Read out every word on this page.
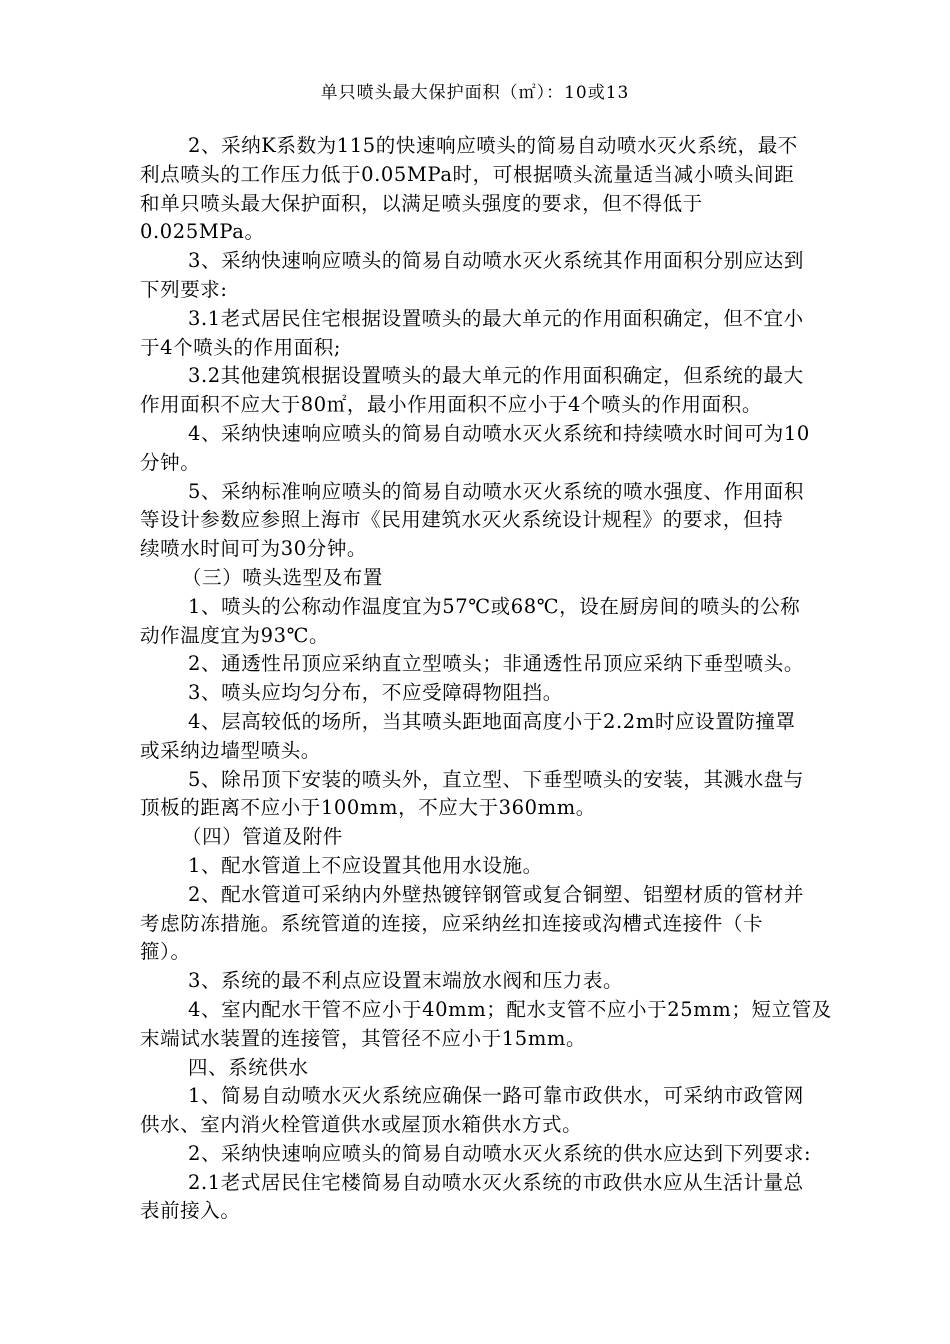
单只喷头最大保护面积（㎡）：10或13
2、采纳K系数为115的快速响应喷头的简易自动喷水灭火系统，最不
利点喷头的工作压力低于0.05MPa时，可根据喷头流量适当减小喷头间距
和单只喷头最大保护面积，以满足喷头强度的要求，但不得低于
0.025MPa。
3、采纳快速响应喷头的简易自动喷水灭火系统其作用面积分别应达到
下列要求:
3.1老式居民住宅根据设置喷头的最大单元的作用面积确定，但不宜小
于4个喷头的作用面积;
3.2其他建筑根据设置喷头的最大单元的作用面积确定，但系统的最大
作用面积不应大于80㎡，最小作用面积不应小于4个喷头的作用面积。
4、采纳快速响应喷头的简易自动喷水灭火系统和持续喷水时间可为10
分钟。
5、采纳标准响应喷头的简易自动喷水灭火系统的喷水强度、作用面积
等设计参数应参照上海市《民用建筑水灭火系统设计规程》的要求，但持
续喷水时间可为30分钟。
（三）喷头选型及布置
1、喷头的公称动作温度宜为57℃或68℃，设在厨房间的喷头的公称
动作温度宜为93℃。
2、通透性吊顶应采纳直立型喷头；非通透性吊顶应采纳下垂型喷头。
3、喷头应均匀分布，不应受障碍物阻挡。
4、层高较低的场所，当其喷头距地面高度小于2.2m时应设置防撞罩
或采纳边墙型喷头。
5、除吊顶下安装的喷头外，直立型、下垂型喷头的安装，其溅水盘与
顶板的距离不应小于100mm，不应大于360mm。
（四）管道及附件
1、配水管道上不应设置其他用水设施。
2、配水管道可采纳内外壁热镀锌钢管或复合铜塑、铝塑材质的管材并
考虑防冻措施。系统管道的连接，应采纳丝扣连接或沟槽式连接件（卡
箍）。
3、系统的最不利点应设置末端放水阀和压力表。
4、室内配水干管不应小于40mm；配水支管不应小于25mm；短立管及
末端试水装置的连接管，其管径不应小于15mm。
四、系统供水
1、简易自动喷水灭火系统应确保一路可靠市政供水，可采纳市政管网
供水、室内消火栓管道供水或屋顶水箱供水方式。
2、采纳快速响应喷头的简易自动喷水灭火系统的供水应达到下列要求:
2.1老式居民住宅楼简易自动喷水灭火系统的市政供水应从生活计量总
表前接入。
